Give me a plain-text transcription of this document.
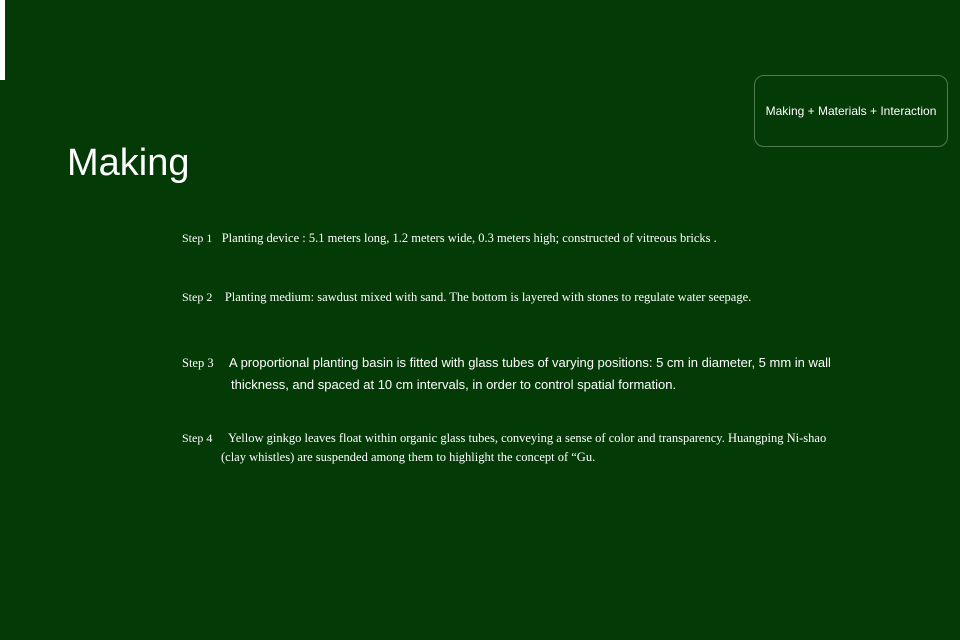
Making + Materials + Interaction
Making

Step 1 Planting device : 5.1 meters long, 1.2 meters wide, 0.3 meters high; constructed of vitreous bricks .

Step 2 Planting medium: sawdust mixed with sand. The bottom is layered with stones to regulate water seepage.

Step 3	A proportional planting basin is fitted with glass tubes of varying positions: 5 cm in diameter, 5 mm in wall
thickness, and spaced at 10 cm intervals, in order to control spatial formation.
Step 4 Yellow ginkgo leaves float within organic glass tubes, conveying a sense of color and transparency. Huangping Ni-shao
(clay whistles) are suspended among them to highlight the concept of “Gu.
